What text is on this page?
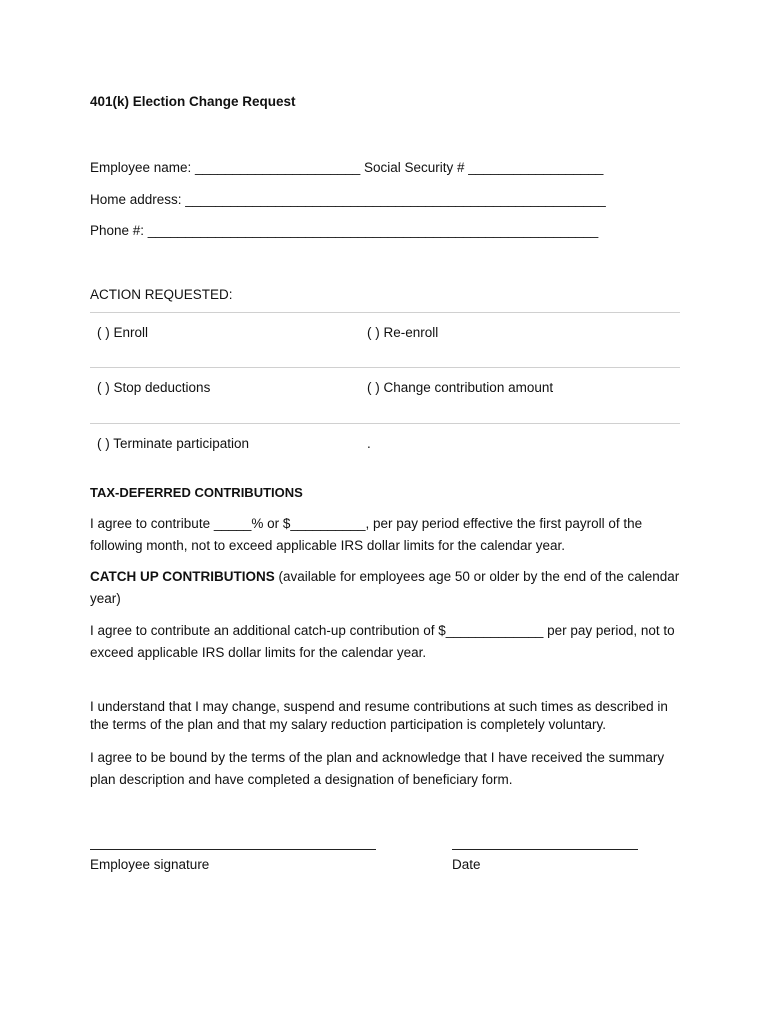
401(k) Election Change Request
Employee name: ______________________ Social Security # __________________
Home address: ________________________________________________________
Phone #: ____________________________________________________________
ACTION REQUESTED:
( ) Enroll	( ) Re-enroll
( ) Stop deductions	( ) Change contribution amount
( ) Terminate participation	.
TAX-DEFERRED CONTRIBUTIONS
I agree to contribute _____% or $__________, per pay period effective the first payroll of the following month, not to exceed applicable IRS dollar limits for the calendar year.
CATCH UP CONTRIBUTIONS (available for employees age 50 or older by the end of the calendar year)
I agree to contribute an additional catch-up contribution of $_____________ per pay period, not to exceed applicable IRS dollar limits for the calendar year.
I understand that I may change, suspend and resume contributions at such times as described in the terms of the plan and that my salary reduction participation is completely voluntary.
I agree to be bound by the terms of the plan and acknowledge that I have received the summary plan description and have completed a designation of beneficiary form.
Employee signature	Date
